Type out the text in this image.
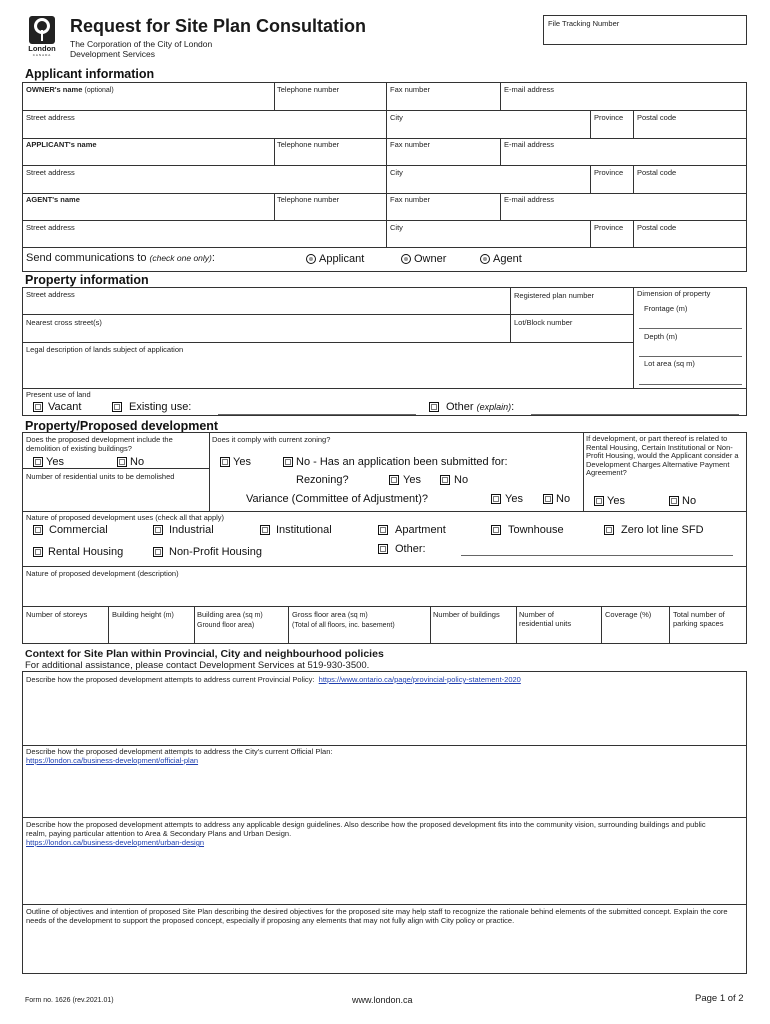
London
CANADA
Request for Site Plan Consultation
The Corporation of the City of London
Development Services
File Tracking Number
Applicant information
OWNER's name (optional)	Telephone number	Fax number	E-mail address
Street address	City	Province Postal code
APPLICANT's name	Telephone number	Fax number	E-mail address
Street address	City	Province Postal code
AGENT's name	Telephone number	Fax number	E-mail address
Street address	City	Province Postal code
Send communications to (check one only):	Applicant	Owner	Agent
Property information
Street address	Registered plan number
Nearest cross street(s)	Lot/Block number
Legal description of lands subject of application
Dimension of property
Frontage (m)
Depth (m)
Lot area (sq m)
Present use of land
Vacant	Existing use:	Other (explain):
Property/Proposed development
Does the proposed development include the demolition of existing buildings?
Yes	No
Number of residential units to be demolished
Does it comply with current zoning?
Yes	No - Has an application been submitted for:
Rezoning?	Yes	No
Variance (Committee of Adjustment)?	Yes	No
If development, or part thereof is related to Rental Housing, Certain Institutional or Non-Profit Housing, would the Applicant consider a Development Charges Alternative Payment Agreement?
Yes	No
Nature of proposed development uses (check all that apply)
Commercial	Industrial	Institutional	Apartment	Townhouse	Zero lot line SFD
Rental Housing	Non-Profit Housing	Other:
Nature of proposed development (description)
Number of storeys	Building height (m)	Building area (sq m)
Ground floor area)
Gross floor area (sq m)
(Total of all floors, inc. basement)
Number of buildings	Number of residential units
Coverage (%)	Total number of parking spaces
Context for Site Plan within Provincial, City and neighbourhood policies
For additional assistance, please contact Development Services at 519-930-3500.
Describe how the proposed development attempts to address current Provincial Policy: https://www.ontario.ca/page/provincial-policy-statement-2020
Describe how the proposed development attempts to address the City's current Official Plan:
https://london.ca/business-development/official-plan
Describe how the proposed development attempts to address any applicable design guidelines. Also describe how the proposed development fits into the community vision, surrounding buildings and public realm, paying particular attention to Area & Secondary Plans and Urban Design.
https://london.ca/business-development/urban-design
Outline of objectives and intention of proposed Site Plan describing the desired objectives for the proposed site may help staff to recognize the rationale behind elements of the submitted concept. Explain the core needs of the development to support the proposed concept, especially if proposing any elements that may not fully align with City policy or practice.
Form no. 1626 (rev.2021.01)	www.london.ca	Page 1 of 2
